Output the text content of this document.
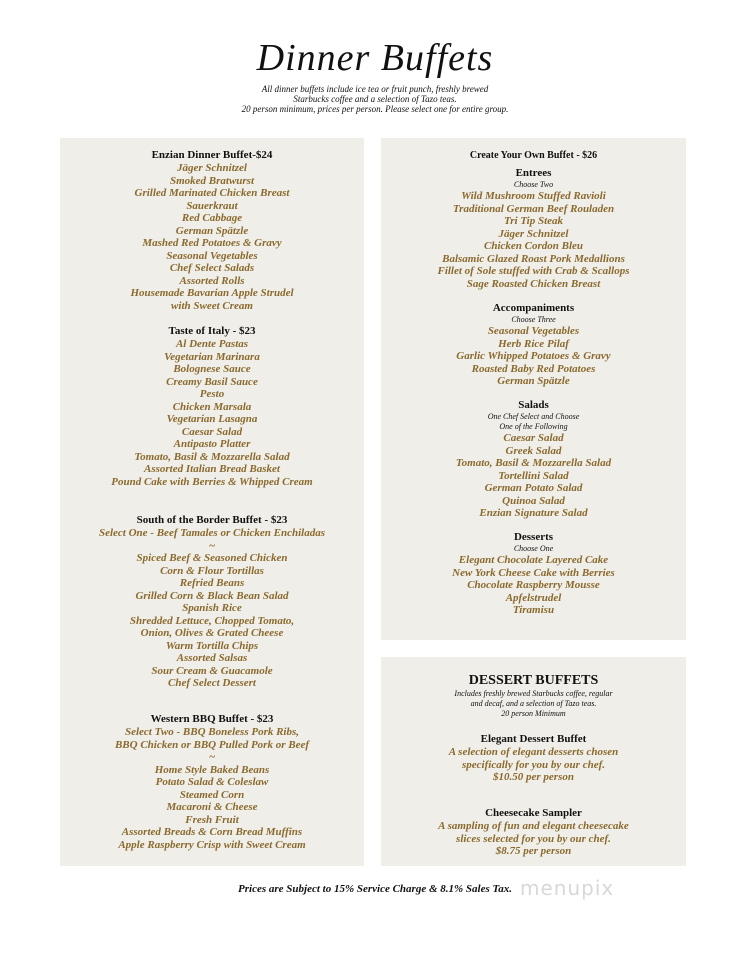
Dinner Buffets
All dinner buffets include ice tea or fruit punch, freshly brewed
Starbucks coffee and a selection of Tazo teas.
20 person minimum, prices per person. Please select one for entire group.
Enzian Dinner Buffet-$24
Jäger Schnitzel
Smoked Bratwurst
Grilled Marinated Chicken Breast
Sauerkraut
Red Cabbage
German Spätzle
Mashed Red Potatoes & Gravy
Seasonal Vegetables
Chef Select Salads
Assorted Rolls
Housemade Bavarian Apple Strudel
with Sweet Cream
Taste of Italy - $23
Al Dente Pastas
Vegetarian Marinara
Bolognese Sauce
Creamy Basil Sauce
Pesto
Chicken Marsala
Vegetarian Lasagna
Caesar Salad
Antipasto Platter
Tomato, Basil & Mozzarella Salad
Assorted Italian Bread Basket
Pound Cake with Berries & Whipped Cream
South of the Border Buffet - $23
Select One - Beef Tamales or Chicken Enchiladas
~
Spiced Beef & Seasoned Chicken
Corn & Flour Tortillas
Refried Beans
Grilled Corn & Black Bean Salad
Spanish Rice
Shredded Lettuce, Chopped Tomato,
Onion, Olives & Grated Cheese
Warm Tortilla Chips
Assorted Salsas
Sour Cream & Guacamole
Chef Select Dessert
Western BBQ Buffet - $23
Select Two - BBQ Boneless Pork Ribs,
BBQ Chicken or BBQ Pulled Pork or Beef
~
Home Style Baked Beans
Potato Salad & Coleslaw
Steamed Corn
Macaroni & Cheese
Fresh Fruit
Assorted Breads & Corn Bread Muffins
Apple Raspberry Crisp with Sweet Cream
Create Your Own Buffet - $26
Entrees
Choose Two
Wild Mushroom Stuffed Ravioli
Traditional German Beef Rouladen
Tri Tip Steak
Jäger Schnitzel
Chicken Cordon Bleu
Balsamic Glazed Roast Pork Medallions
Fillet of Sole stuffed with Crab & Scallops
Sage Roasted Chicken Breast
Accompaniments
Choose Three
Seasonal Vegetables
Herb Rice Pilaf
Garlic Whipped Potatoes & Gravy
Roasted Baby Red Potatoes
German Spätzle
Salads
One Chef Select and Choose
One of the Following
Caesar Salad
Greek Salad
Tomato, Basil & Mozzarella Salad
Tortellini Salad
German Potato Salad
Quinoa Salad
Enzian Signature Salad
Desserts
Choose One
Elegant Chocolate Layered Cake
New York Cheese Cake with Berries
Chocolate Raspberry Mousse
Apfelstrudel
Tiramisu
DESSERT BUFFETS
Includes freshly brewed Starbucks coffee, regular
and decaf, and a selection of Tazo teas.
20 person Minimum
Elegant Dessert Buffet
A selection of elegant desserts chosen
specifically for you by our chef.
$10.50 per person
Cheesecake Sampler
A sampling of fun and elegant cheesecake
slices selected for you by our chef.
$8.75 per person
Prices are Subject to 15% Service Charge & 8.1% Sales Tax. menupix
